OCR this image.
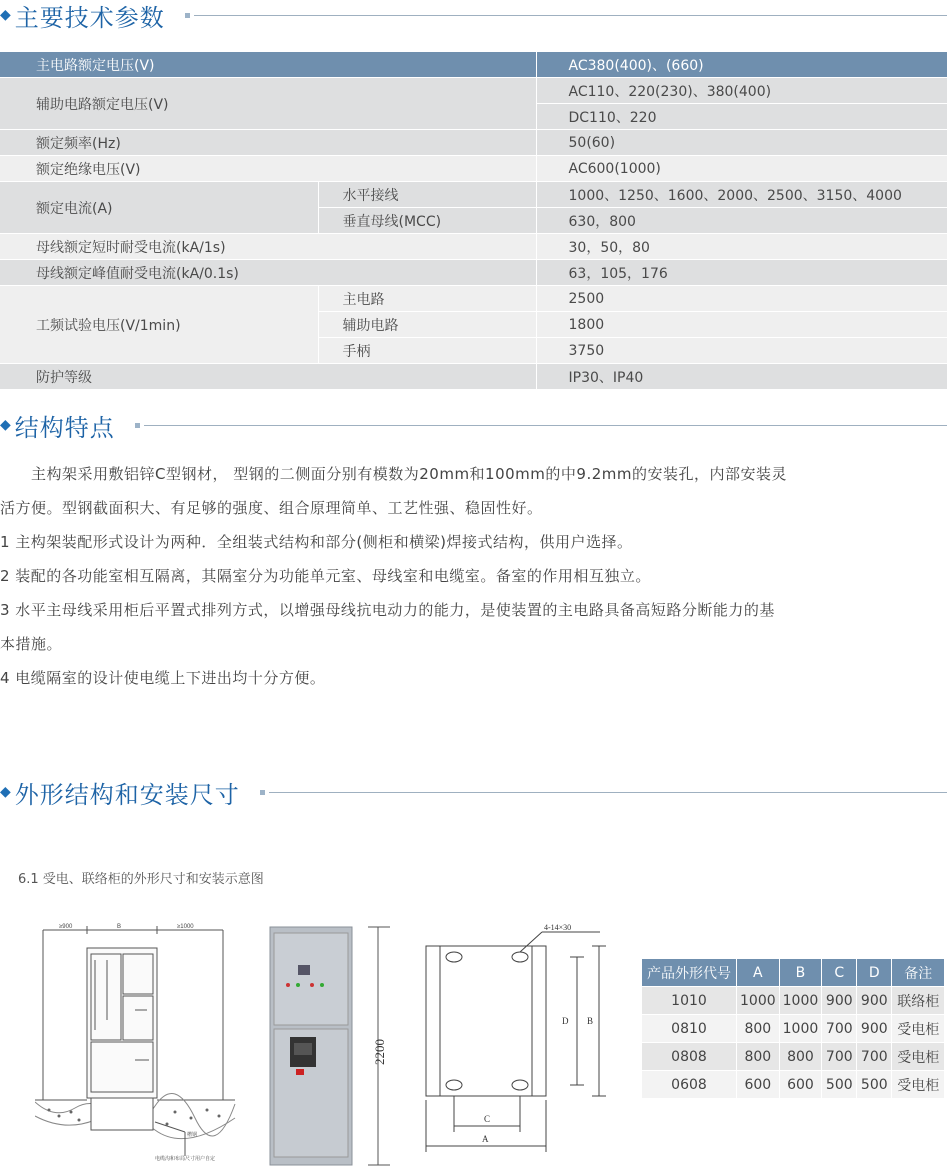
◆ 主要技术参数
主电路额定电压(V)		AC380(400)、(660)
辅助电路额定电压(V)		AC110、220(230)、380(400)
		DC110、220
额定频率(Hz)		50(60)
额定绝缘电压(V)		AC600(1000)
额定电流(A)	水平接线	1000、1250、1600、2000、2500、3150、4000
	垂直母线(MCC)	630，800
母线额定短时耐受电流(kA/1s)		30，50，80
母线额定峰值耐受电流(kA/0.1s)		63，105，176
工频试验电压(V/1min)	主电路	2500
	辅助电路	1800
	手柄	3750
防护等级		IP30、IP40
◆ 结构特点
　　主构架采用敷铝锌C型钢材， 型钢的二侧面分别有模数为20mm和100mm的中9.2mm的安装孔，内部安装灵
活方便。型钢截面积大、有足够的强度、组合原理简单、工艺性强、稳固性好。
1 主构架装配形式设计为两种．全组装式结构和部分(侧柜和横梁)焊接式结构，供用户选择。
2 装配的各功能室相互隔离，其隔室分为功能单元室、母线室和电缆室。备室的作用相互独立。
3 水平主母线采用柜后平置式排列方式，以增强母线抗电动力的能力，是使装置的主电路具备高短路分断能力的基
本措施。
4 电缆隔室的设计使电缆上下进出均十分方便。
◆ 外形结构和安装尺寸
6.1 受电、联络柜的外形尺寸和安装示意图
≥900	B	≥1000
槽钢
电缆沟和布局尺寸用户自定
2200
4-14×30
D B
C
A
产品外形代号	A	B	C	D	备注
1010	1000	1000	900	900	联络柜
0810	800	1000	700	900	受电柜
0808	800	800	700	700	受电柜
0608	600	600	500	500	受电柜
